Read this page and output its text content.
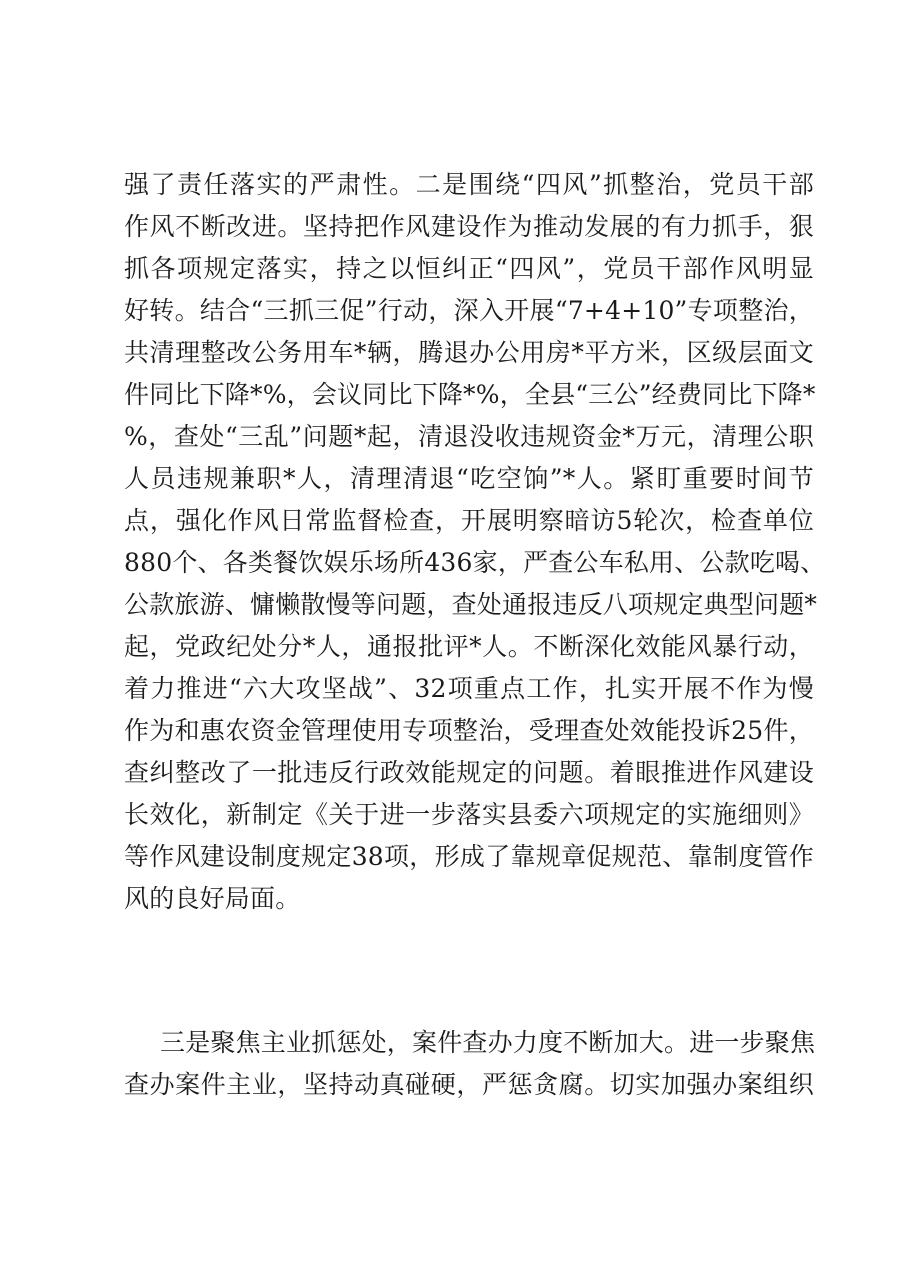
强了责任落实的严肃性。二是围绕“四风”抓整治，党员干部
作风不断改进。坚持把作风建设作为推动发展的有力抓手，狠
抓各项规定落实，持之以恒纠正“四风”，党员干部作风明显
好转。结合“三抓三促”行动，深入开展“7+4+10”专项整治，
共清理整改公务用车*辆，腾退办公用房*平方米，区级层面文
件同比下降*%，会议同比下降*%，全县“三公”经费同比下降*
%，查处“三乱”问题*起，清退没收违规资金*万元，清理公职
人员违规兼职*人，清理清退“吃空饷”*人。紧盯重要时间节
点，强化作风日常监督检查，开展明察暗访5轮次，检查单位
880个、各类餐饮娱乐场所436家，严查公车私用、公款吃喝、
公款旅游、慵懒散慢等问题，查处通报违反八项规定典型问题*
起，党政纪处分*人，通报批评*人。不断深化效能风暴行动，
着力推进“六大攻坚战”、32项重点工作，扎实开展不作为慢
作为和惠农资金管理使用专项整治，受理查处效能投诉25件，
查纠整改了一批违反行政效能规定的问题。着眼推进作风建设
长效化，新制定《关于进一步落实县委六项规定的实施细则》
等作风建设制度规定38项，形成了靠规章促规范、靠制度管作
风的良好局面。
三是聚焦主业抓惩处，案件查办力度不断加大。进一步聚焦
查办案件主业，坚持动真碰硬，严惩贪腐。切实加强办案组织
